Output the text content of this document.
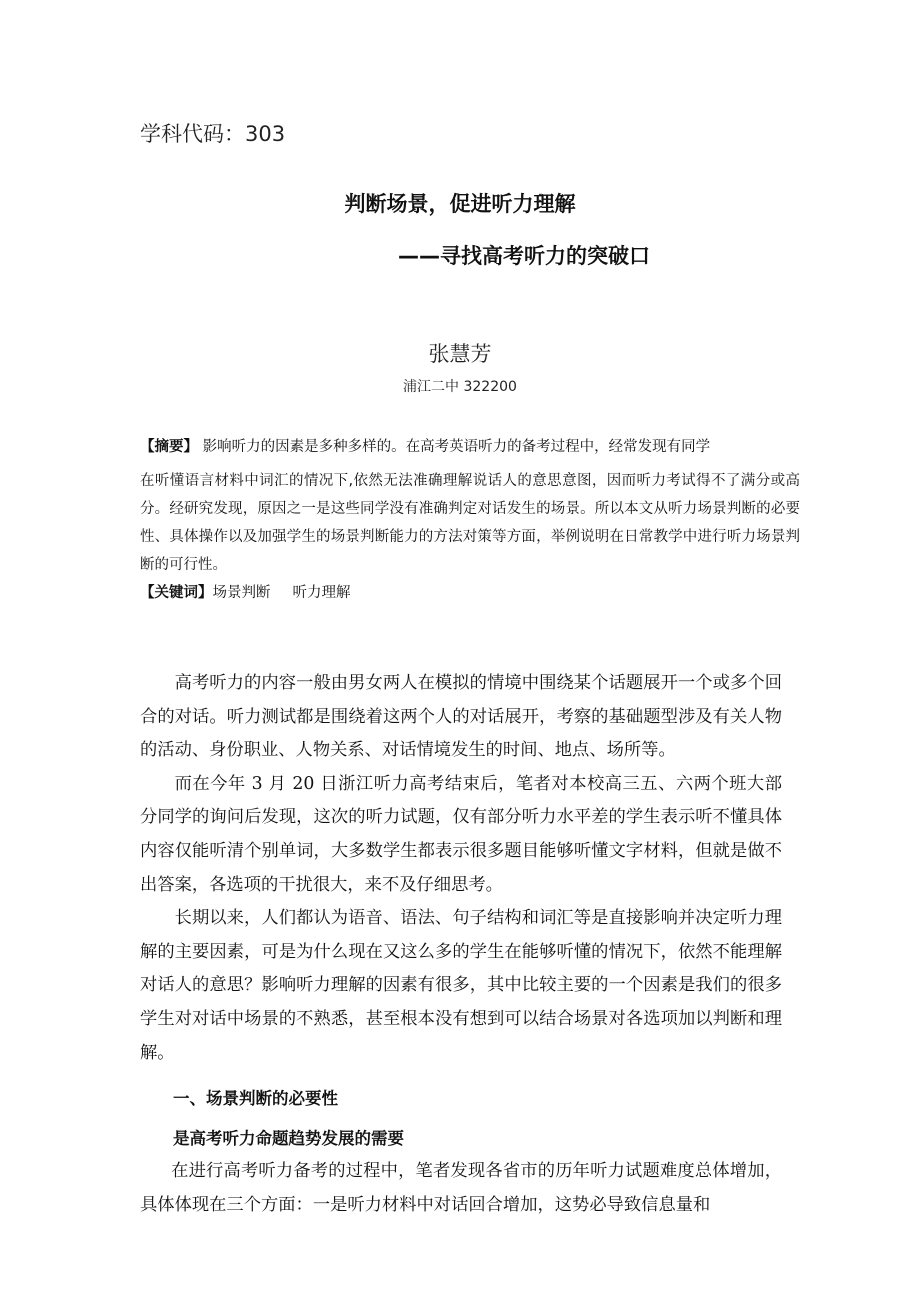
学科代码：303
判断场景，促进听力理解
——寻找高考听力的突破口
张慧芳
浦江二中 322200
【摘要】 影响听力的因素是多种多样的。在高考英语听力的备考过程中，经常发现有同学
在听懂语言材料中词汇的情况下,依然无法准确理解说话人的意思意图，因而听力考试得不了满分或高分。经研究发现，原因之一是这些同学没有准确判定对话发生的场景。所以本文从听力场景判断的必要性、具体操作以及加强学生的场景判断能力的方法对策等方面，举例说明在日常教学中进行听力场景判断的可行性。
【关键词】场景判断 听力理解

高考听力的内容一般由男女两人在模拟的情境中围绕某个话题展开一个或多个回合的对话。听力测试都是围绕着这两个人的对话展开，考察的基础题型涉及有关人物的活动、身份职业、人物关系、对话情境发生的时间、地点、场所等。

而在今年 3 月 20 日浙江听力高考结束后，笔者对本校高三五、六两个班大部分同学的询问后发现，这次的听力试题，仅有部分听力水平差的学生表示听不懂具体内容仅能听清个别单词，大多数学生都表示很多题目能够听懂文字材料，但就是做不出答案，各选项的干扰很大，来不及仔细思考。

长期以来，人们都认为语音、语法、句子结构和词汇等是直接影响并决定听力理解的主要因素，可是为什么现在又这么多的学生在能够听懂的情况下，依然不能理解对话人的意思？影响听力理解的因素有很多，其中比较主要的一个因素是我们的很多学生对对话中场景的不熟悉，甚至根本没有想到可以结合场景对各选项加以判断和理解。

一、场景判断的必要性

是高考听力命题趋势发展的需要

在进行高考听力备考的过程中，笔者发现各省市的历年听力试题难度总体增加，具体体现在三个方面：一是听力材料中对话回合增加，这势必导致信息量和
